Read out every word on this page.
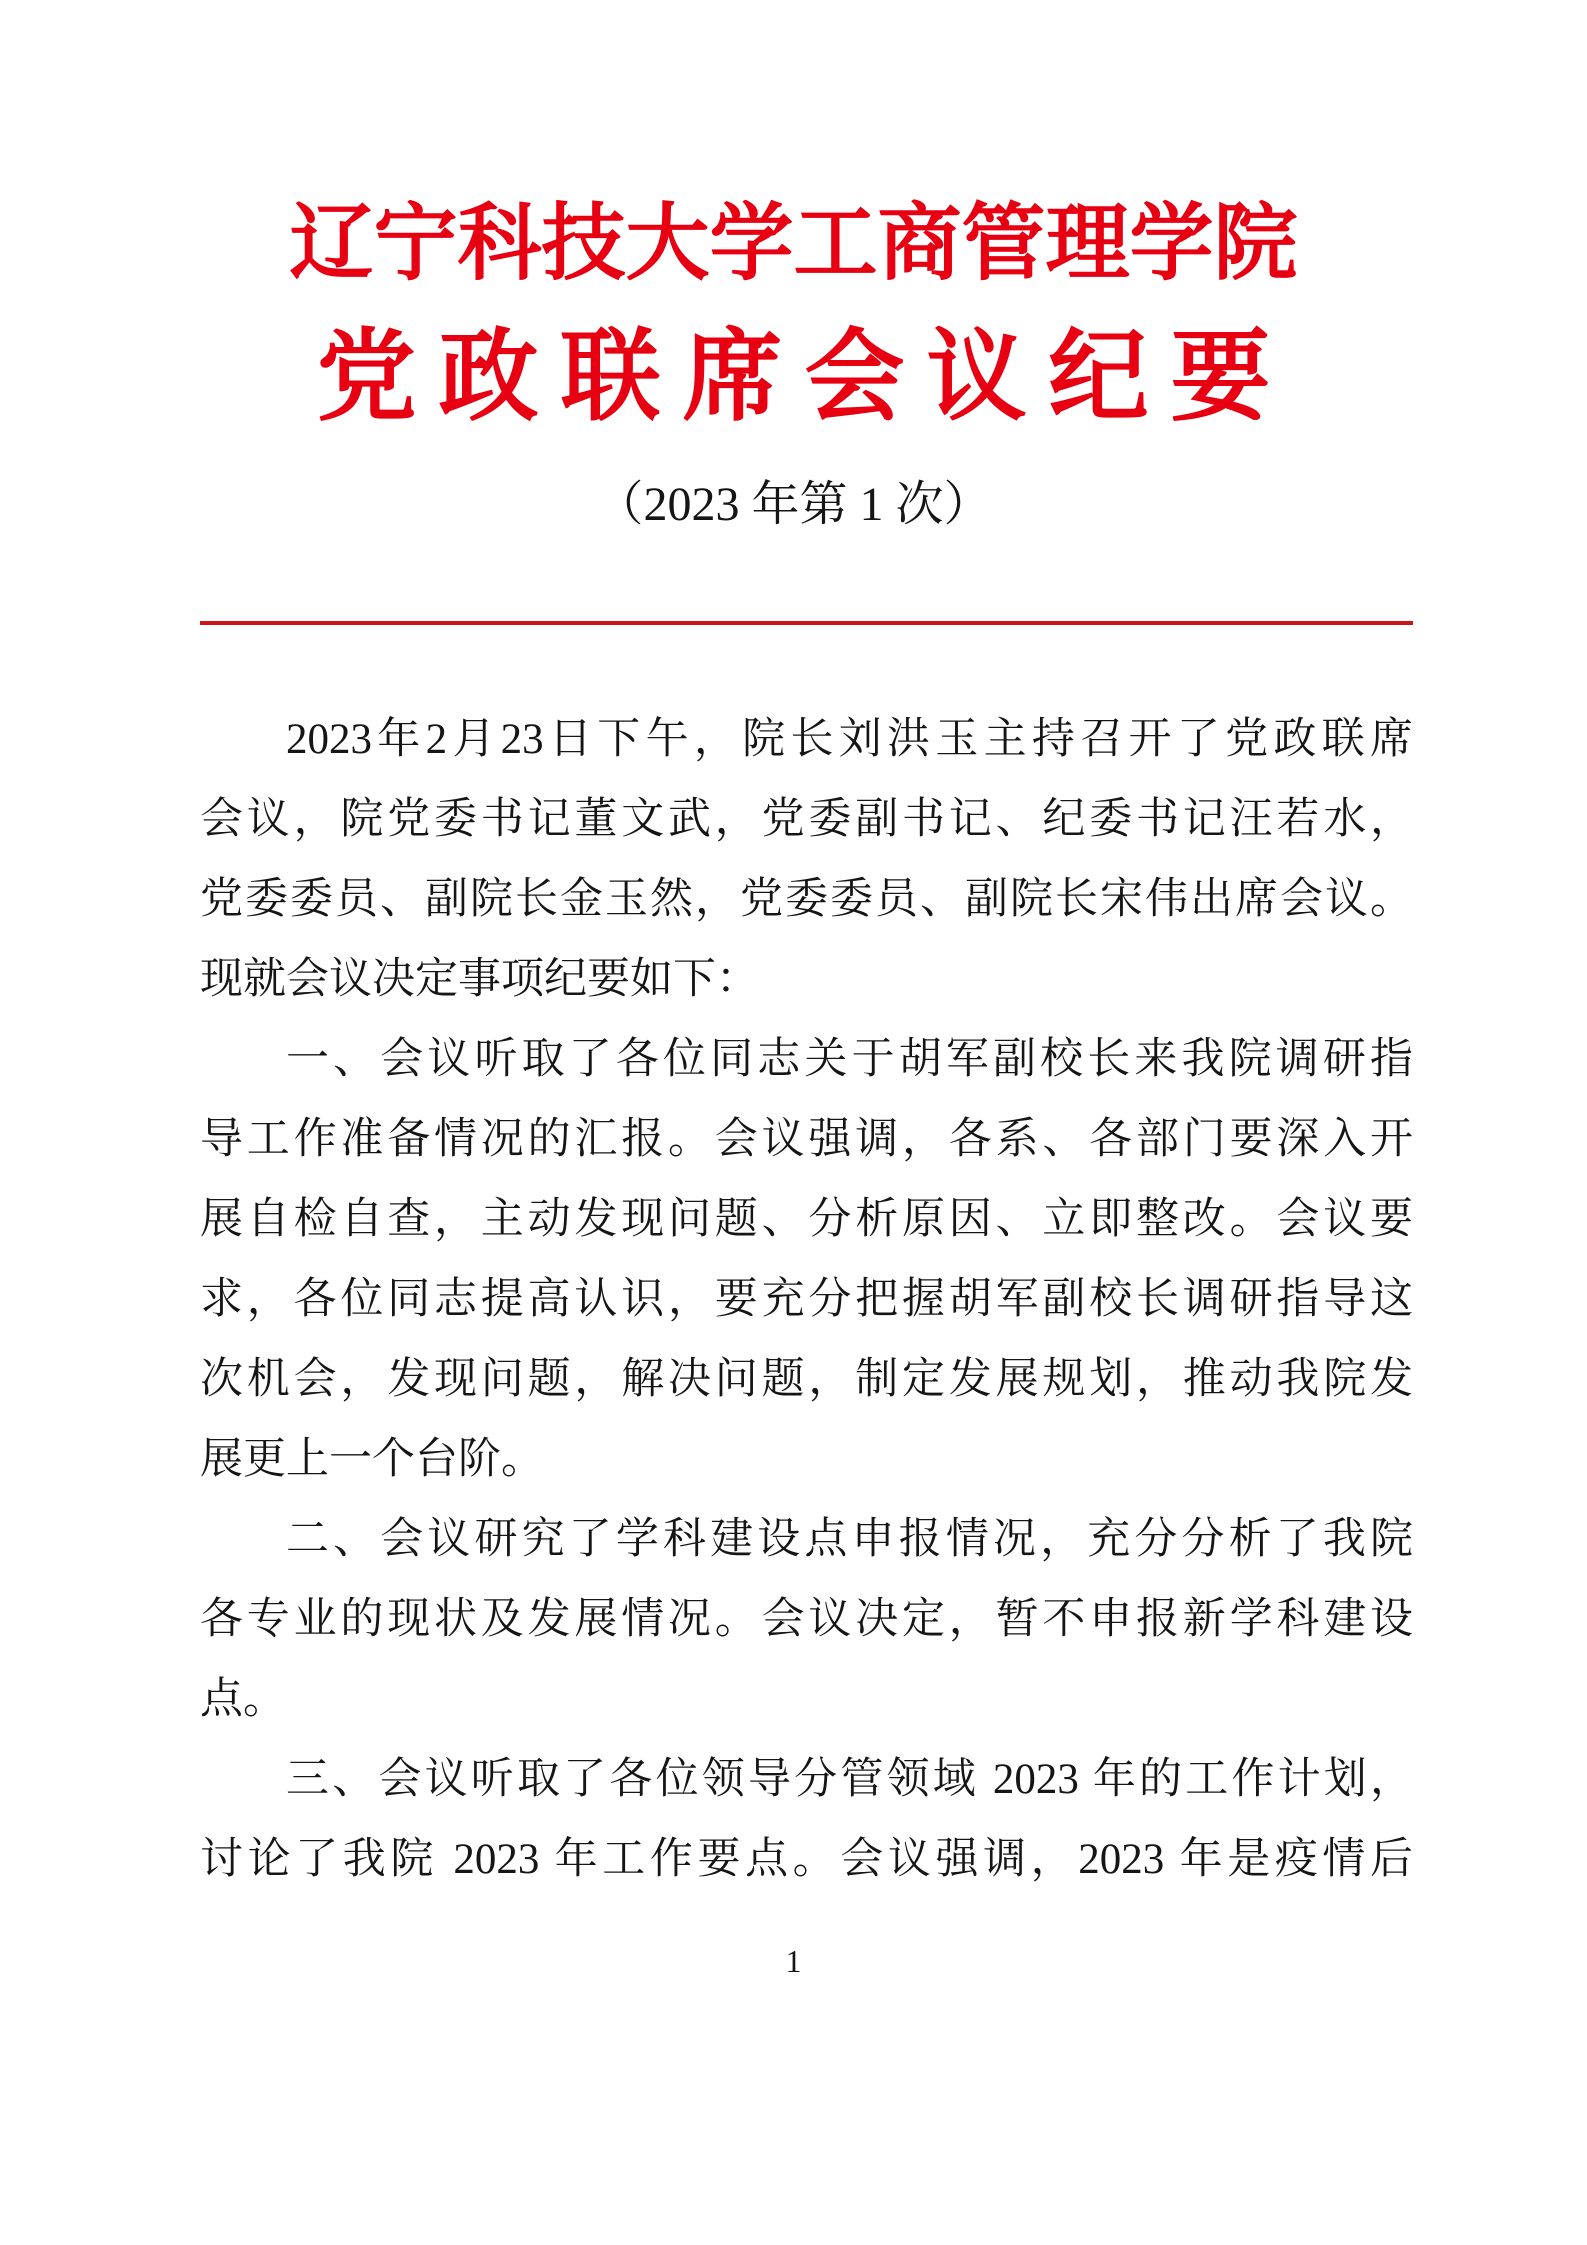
辽宁科技大学工商管理学院
党政联席会议纪要
（2023 年第 1 次）
2023年2月23日下午，院长刘洪玉主持召开了党政联席
会议，院党委书记董文武，党委副书记、纪委书记汪若水，
党委委员、副院长金玉然，党委委员、副院长宋伟出席会议。
现就会议决定事项纪要如下：
一、会议听取了各位同志关于胡军副校长来我院调研指
导工作准备情况的汇报。会议强调，各系、各部门要深入开
展自检自查，主动发现问题、分析原因、立即整改。会议要
求，各位同志提高认识，要充分把握胡军副校长调研指导这
次机会，发现问题，解决问题，制定发展规划，推动我院发
展更上一个台阶。
二、会议研究了学科建设点申报情况，充分分析了我院
各专业的现状及发展情况。会议决定，暂不申报新学科建设
点。
三、会议听取了各位领导分管领域 2023 年的工作计划，
讨论了我院 2023 年工作要点。会议强调，2023 年是疫情后
1
